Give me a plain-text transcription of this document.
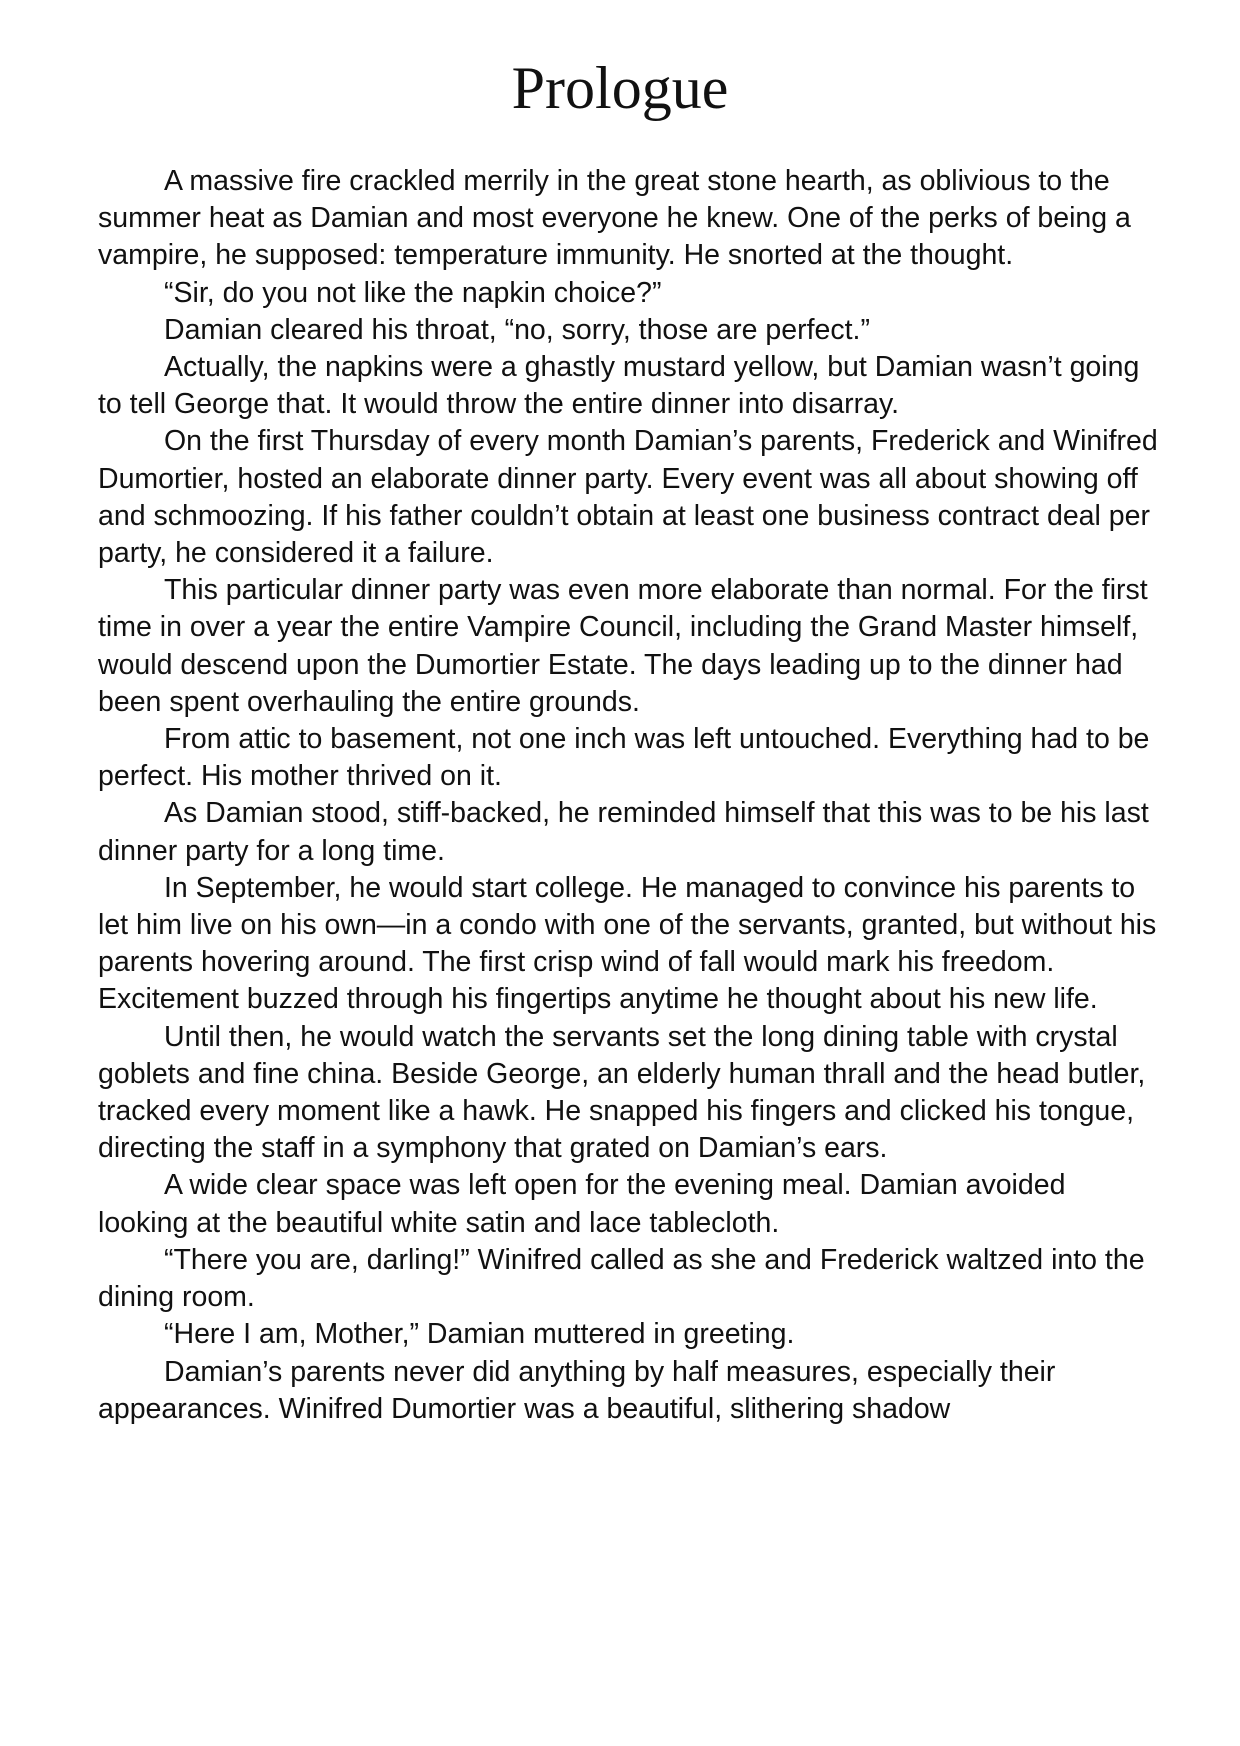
Prologue

A massive fire crackled merrily in the great stone hearth, as oblivious to the summer heat as Damian and most everyone he knew. One of the perks of being a vampire, he supposed: temperature immunity. He snorted at the thought.

“Sir, do you not like the napkin choice?”

Damian cleared his throat, “no, sorry, those are perfect.”

Actually, the napkins were a ghastly mustard yellow, but Damian wasn’t going to tell George that. It would throw the entire dinner into disarray.

On the first Thursday of every month Damian’s parents, Frederick and Winifred Dumortier, hosted an elaborate dinner party. Every event was all about showing off and schmoozing. If his father couldn’t obtain at least one business contract deal per party, he considered it a failure.

This particular dinner party was even more elaborate than normal. For the first time in over a year the entire Vampire Council, including the Grand Master himself, would descend upon the Dumortier Estate. The days leading up to the dinner had been spent overhauling the entire grounds.

From attic to basement, not one inch was left untouched. Everything had to be perfect. His mother thrived on it.

As Damian stood, stiff-backed, he reminded himself that this was to be his last dinner party for a long time.

In September, he would start college. He managed to convince his parents to let him live on his own—in a condo with one of the servants, granted, but without his parents hovering around. The first crisp wind of fall would mark his freedom. Excitement buzzed through his fingertips anytime he thought about his new life.

Until then, he would watch the servants set the long dining table with crystal goblets and fine china. Beside George, an elderly human thrall and the head butler, tracked every moment like a hawk. He snapped his fingers and clicked his tongue, directing the staff in a symphony that grated on Damian’s ears.

A wide clear space was left open for the evening meal. Damian avoided looking at the beautiful white satin and lace tablecloth.

“There you are, darling!” Winifred called as she and Frederick waltzed into the dining room.

“Here I am, Mother,” Damian muttered in greeting.

Damian’s parents never did anything by half measures, especially their appearances. Winifred Dumortier was a beautiful, slithering shadow
